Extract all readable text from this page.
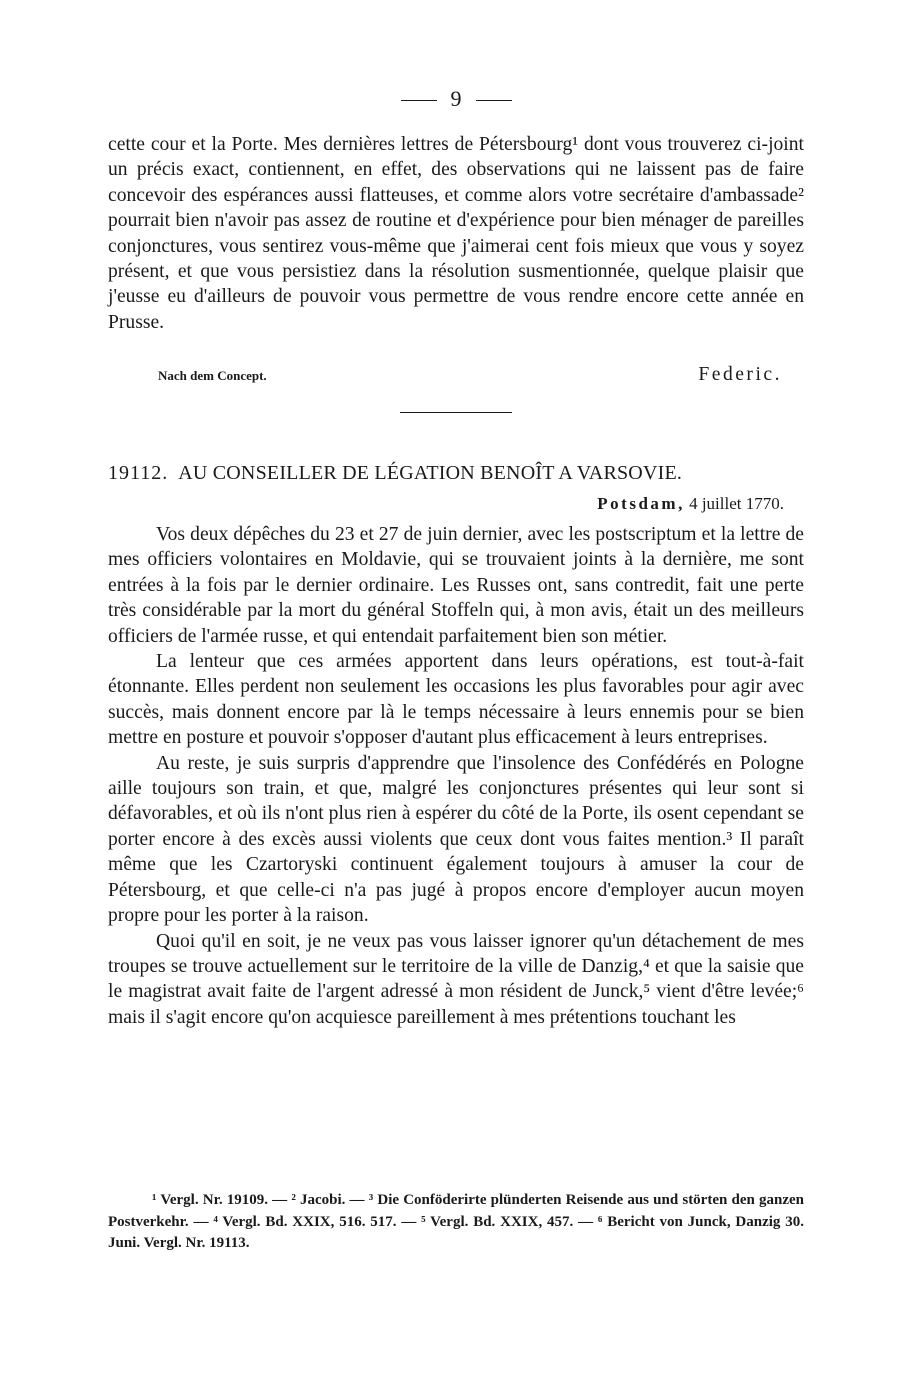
9

cette cour et la Porte. Mes dernières lettres de Pétersbourg¹ dont vous trouverez ci-joint un précis exact, contiennent, en effet, des observations qui ne laissent pas de faire concevoir des espérances aussi flatteuses, et comme alors votre secrétaire d'ambassade² pourrait bien n'avoir pas assez de routine et d'expérience pour bien ménager de pareilles conjonctures, vous sentirez vous-même que j'aimerai cent fois mieux que vous y soyez présent, et que vous persistiez dans la résolution susmentionnée, quelque plaisir que j'eusse eu d'ailleurs de pouvoir vous permettre de vous rendre encore cette année en Prusse.

Nach dem Concept.	Federic.
19112. AU CONSEILLER DE LÉGATION BENOÎT A VARSOVIE.
Potsdam, 4 juillet 1770.

Vos deux dépêches du 23 et 27 de juin dernier, avec les postscriptum et la lettre de mes officiers volontaires en Moldavie, qui se trouvaient joints à la dernière, me sont entrées à la fois par le dernier ordinaire. Les Russes ont, sans contredit, fait une perte très considérable par la mort du général Stoffeln qui, à mon avis, était un des meilleurs officiers de l'armée russe, et qui entendait parfaitement bien son métier.

La lenteur que ces armées apportent dans leurs opérations, est tout-à-fait étonnante. Elles perdent non seulement les occasions les plus favorables pour agir avec succès, mais donnent encore par là le temps nécessaire à leurs ennemis pour se bien mettre en posture et pouvoir s'opposer d'autant plus efficacement à leurs entreprises.

Au reste, je suis surpris d'apprendre que l'insolence des Confédérés en Pologne aille toujours son train, et que, malgré les conjonctures présentes qui leur sont si défavorables, et où ils n'ont plus rien à espérer du côté de la Porte, ils osent cependant se porter encore à des excès aussi violents que ceux dont vous faites mention.³ Il paraît même que les Czartoryski continuent également toujours à amuser la cour de Pétersbourg, et que celle-ci n'a pas jugé à propos encore d'employer aucun moyen propre pour les porter à la raison.

Quoi qu'il en soit, je ne veux pas vous laisser ignorer qu'un détachement de mes troupes se trouve actuellement sur le territoire de la ville de Danzig,⁴ et que la saisie que le magistrat avait faite de l'argent adressé à mon résident de Junck,⁵ vient d'être levée;⁶ mais il s'agit encore qu'on acquiesce pareillement à mes prétentions touchant les

¹ Vergl. Nr. 19109. — ² Jacobi. — ³ Die Conföderirte plünderten Reisende aus und störten den ganzen Postverkehr. — ⁴ Vergl. Bd. XXIX, 516. 517. — ⁵ Vergl. Bd. XXIX, 457. — ⁶ Bericht von Junck, Danzig 30. Juni. Vergl. Nr. 19113.
